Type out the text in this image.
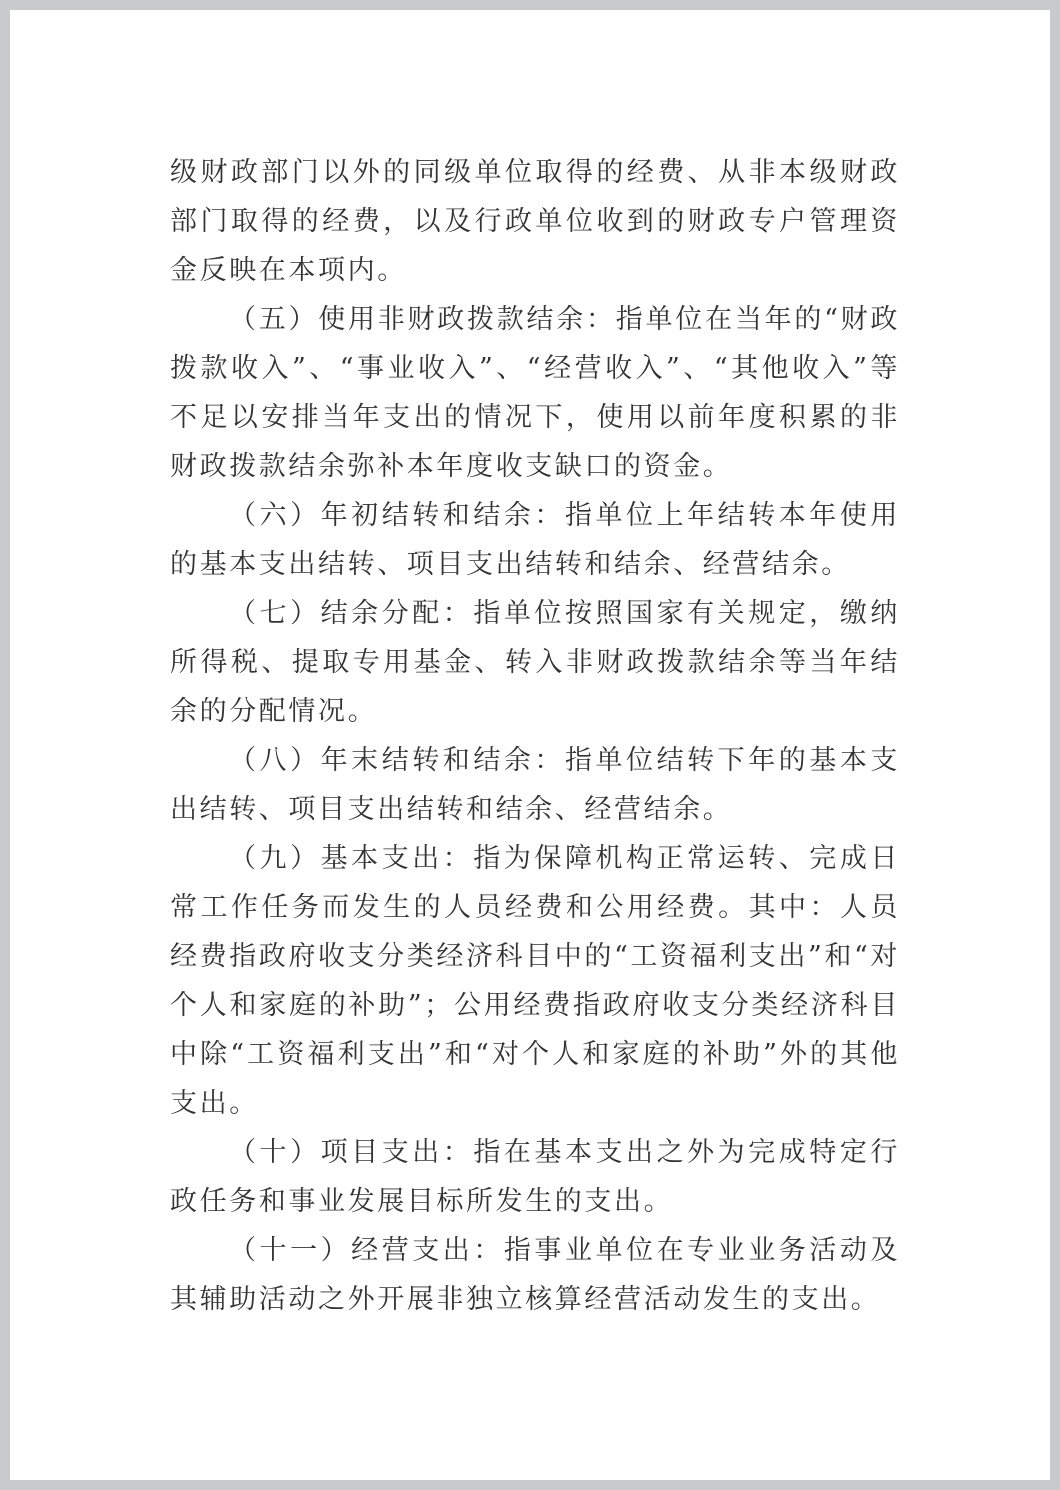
级财政部门以外的同级单位取得的经费、从非本级财政部门取得的经费，以及行政单位收到的财政专户管理资金反映在本项内。

（五）使用非财政拨款结余：指单位在当年的“财政拨款收入”、“事业收入”、“经营收入”、“其他收入”等不足以安排当年支出的情况下，使用以前年度积累的非财政拨款结余弥补本年度收支缺口的资金。

（六）年初结转和结余：指单位上年结转本年使用的基本支出结转、项目支出结转和结余、经营结余。

（七）结余分配：指单位按照国家有关规定，缴纳所得税、提取专用基金、转入非财政拨款结余等当年结余的分配情况。

（八）年末结转和结余：指单位结转下年的基本支出结转、项目支出结转和结余、经营结余。

（九）基本支出：指为保障机构正常运转、完成日常工作任务而发生的人员经费和公用经费。其中：人员经费指政府收支分类经济科目中的“工资福利支出”和“对个人和家庭的补助”；公用经费指政府收支分类经济科目中除“工资福利支出”和“对个人和家庭的补助”外的其他支出。

（十）项目支出：指在基本支出之外为完成特定行政任务和事业发展目标所发生的支出。

（十一）经营支出：指事业单位在专业业务活动及其辅助活动之外开展非独立核算经营活动发生的支出。
